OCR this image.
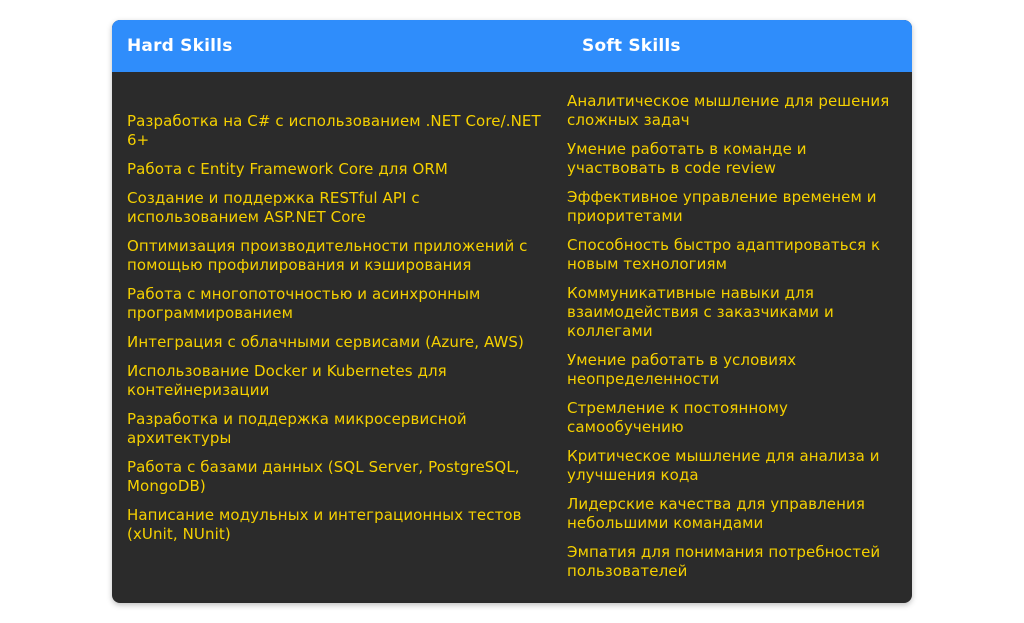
Hard Skills	Soft Skills
Разработка на C# с использованием .NET Core/.NET 6+
Работа с Entity Framework Core для ORM
Создание и поддержка RESTful API с использованием ASP.NET Core
Оптимизация производительности приложений с помощью профилирования и кэширования
Работа с многопоточностью и асинхронным программированием
Интеграция с облачными сервисами (Azure, AWS)
Использование Docker и Kubernetes для контейнеризации
Разработка и поддержка микросервисной архитектуры
Работа с базами данных (SQL Server, PostgreSQL, MongoDB)
Написание модульных и интеграционных тестов (xUnit, NUnit)
Аналитическое мышление для решения сложных задач
Умение работать в команде и участвовать в code review
Эффективное управление временем и приоритетами
Способность быстро адаптироваться к новым технологиям
Коммуникативные навыки для взаимодействия с заказчиками и коллегами
Умение работать в условиях неопределенности
Стремление к постоянному самообучению
Критическое мышление для анализа и улучшения кода
Лидерские качества для управления небольшими командами
Эмпатия для понимания потребностей пользователей
